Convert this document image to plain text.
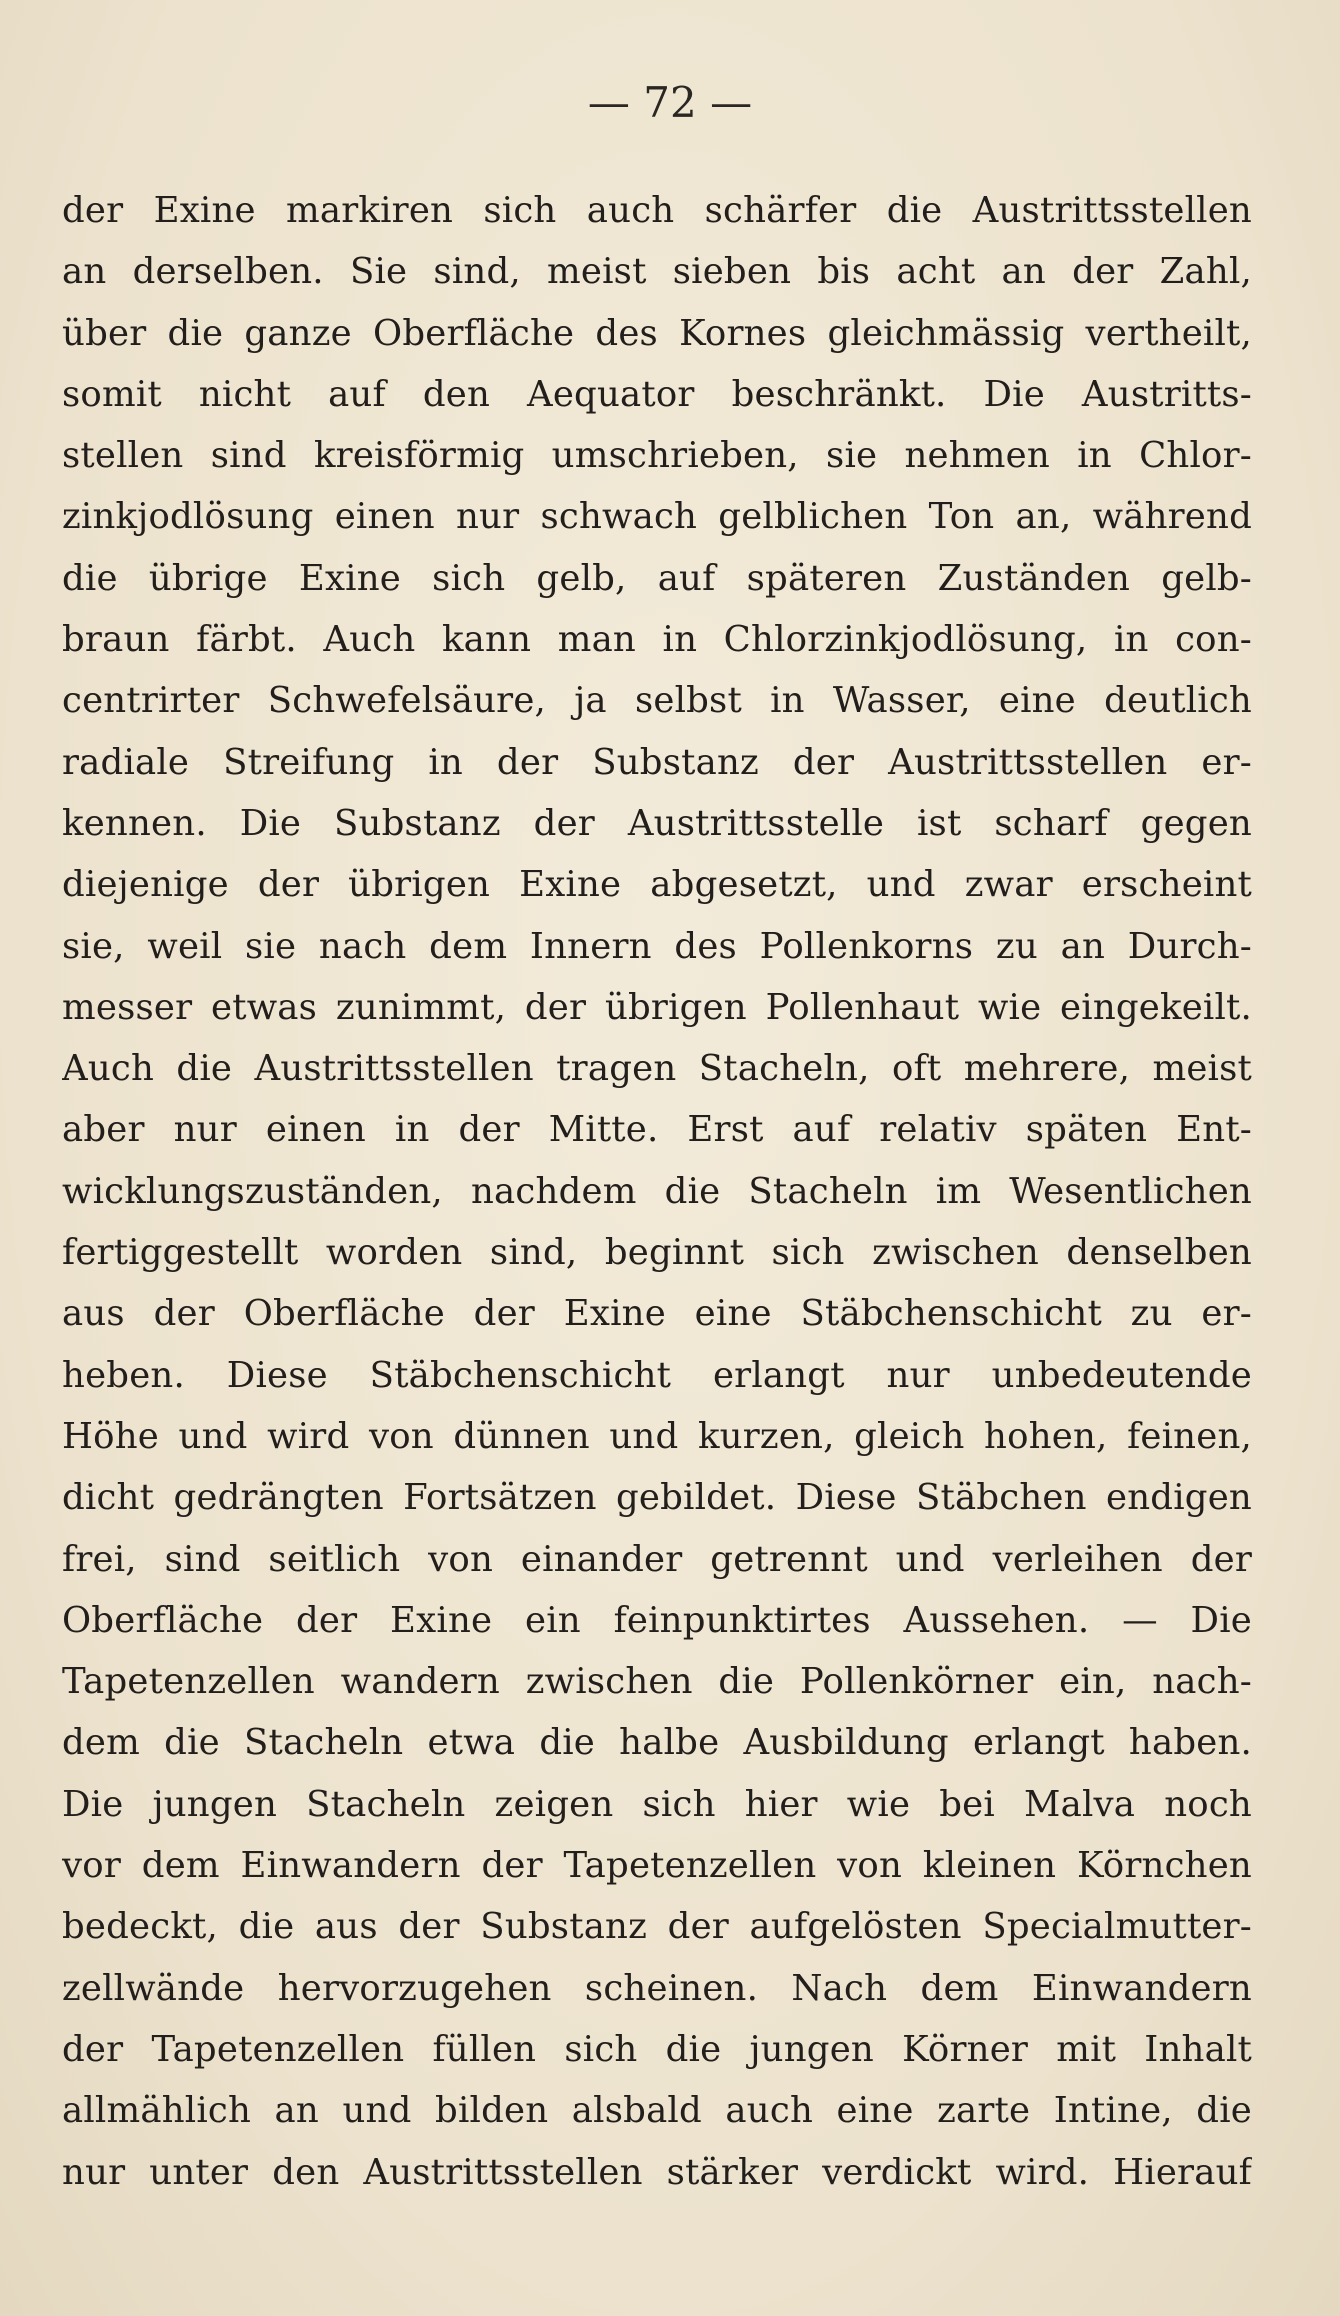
— 72 —
der Exine markiren sich auch schärfer die Austrittsstellen
an derselben. Sie sind, meist sieben bis acht an der Zahl,
über die ganze Oberfläche des Kornes gleichmässig vertheilt,
somit nicht auf den Aequator beschränkt. Die Austritts-
stellen sind kreisförmig umschrieben, sie nehmen in Chlor-
zinkjodlösung einen nur schwach gelblichen Ton an, während
die übrige Exine sich gelb, auf späteren Zuständen gelb-
braun färbt. Auch kann man in Chlorzinkjodlösung, in con-
centrirter Schwefelsäure, ja selbst in Wasser, eine deutlich
radiale Streifung in der Substanz der Austrittsstellen er-
kennen. Die Substanz der Austrittsstelle ist scharf gegen
diejenige der übrigen Exine abgesetzt, und zwar erscheint
sie, weil sie nach dem Innern des Pollenkorns zu an Durch-
messer etwas zunimmt, der übrigen Pollenhaut wie eingekeilt.
Auch die Austrittsstellen tragen Stacheln, oft mehrere, meist
aber nur einen in der Mitte. Erst auf relativ späten Ent-
wicklungszuständen, nachdem die Stacheln im Wesentlichen
fertiggestellt worden sind, beginnt sich zwischen denselben
aus der Oberfläche der Exine eine Stäbchenschicht zu er-
heben. Diese Stäbchenschicht erlangt nur unbedeutende
Höhe und wird von dünnen und kurzen, gleich hohen, feinen,
dicht gedrängten Fortsätzen gebildet. Diese Stäbchen endigen
frei, sind seitlich von einander getrennt und verleihen der
Oberfläche der Exine ein feinpunktirtes Aussehen. — Die
Tapetenzellen wandern zwischen die Pollenkörner ein, nach-
dem die Stacheln etwa die halbe Ausbildung erlangt haben.
Die jungen Stacheln zeigen sich hier wie bei Malva noch
vor dem Einwandern der Tapetenzellen von kleinen Körnchen
bedeckt, die aus der Substanz der aufgelösten Specialmutter-
zellwände hervorzugehen scheinen. Nach dem Einwandern
der Tapetenzellen füllen sich die jungen Körner mit Inhalt
allmählich an und bilden alsbald auch eine zarte Intine, die
nur unter den Austrittsstellen stärker verdickt wird. Hierauf
